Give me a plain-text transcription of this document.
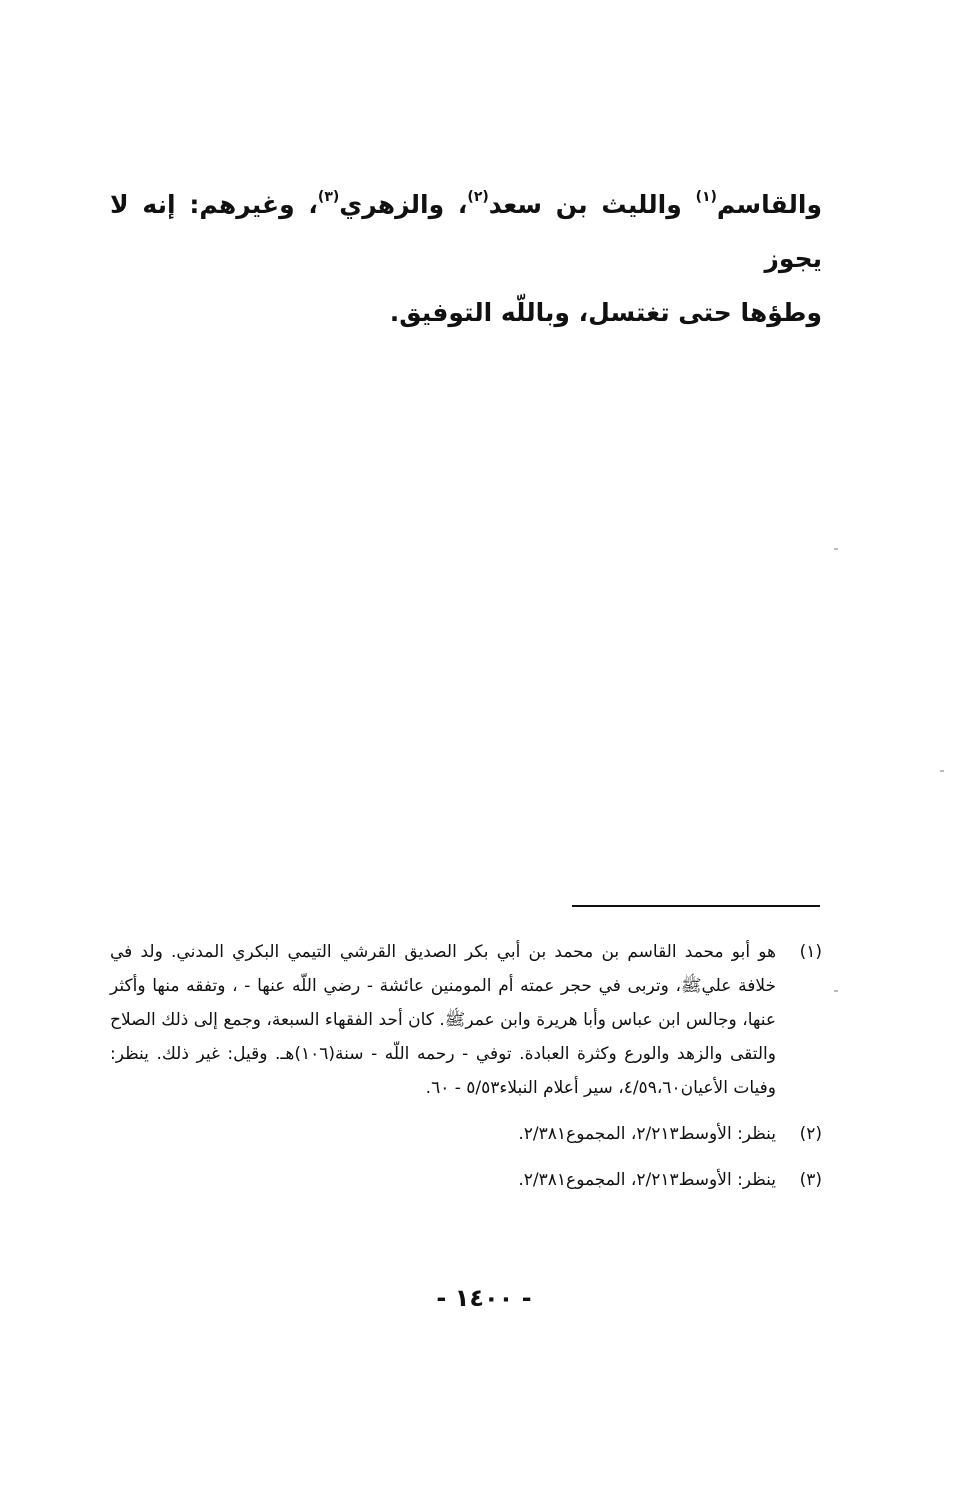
والقاسم$^{(١)}$ والليث بن سعد$^{(٢)}$، والزهري$^{(٣)}$، وغيرهم: إنه لا يجوز
وطؤها حتى تغتسل، وباللّه التوفيق.
(١)
هو أبو محمد القاسم بن محمد بن أبي بكر الصديق القرشي التيمي البكري المدني. ولد في خلافة عليﷺ، وتربى في حجر عمته أم المومنين عائشة - رضي اللّه عنها - ، وتفقه منها وأكثر عنها، وجالس ابن عباس وأبا هريرة وابن عمرﷺ. كان أحد الفقهاء السبعة، وجمع إلى ذلك الصلاح والتقى والزهد والورع وكثرة العبادة. توفي - رحمه اللّه - سنة(١٠٦)هـ. وقيل: غير ذلك. ينظر: وفيات الأعيان٤/٥٩،٦٠، سير أعلام النبلاء٥/٥٣ - ٦٠.
(٢)
ينظر: الأوسط٢/٢١٣، المجموع٢/٣٨١.
(٣)
ينظر: الأوسط٢/٢١٣، المجموع٢/٣٨١.
- ١٤٠٠ -
